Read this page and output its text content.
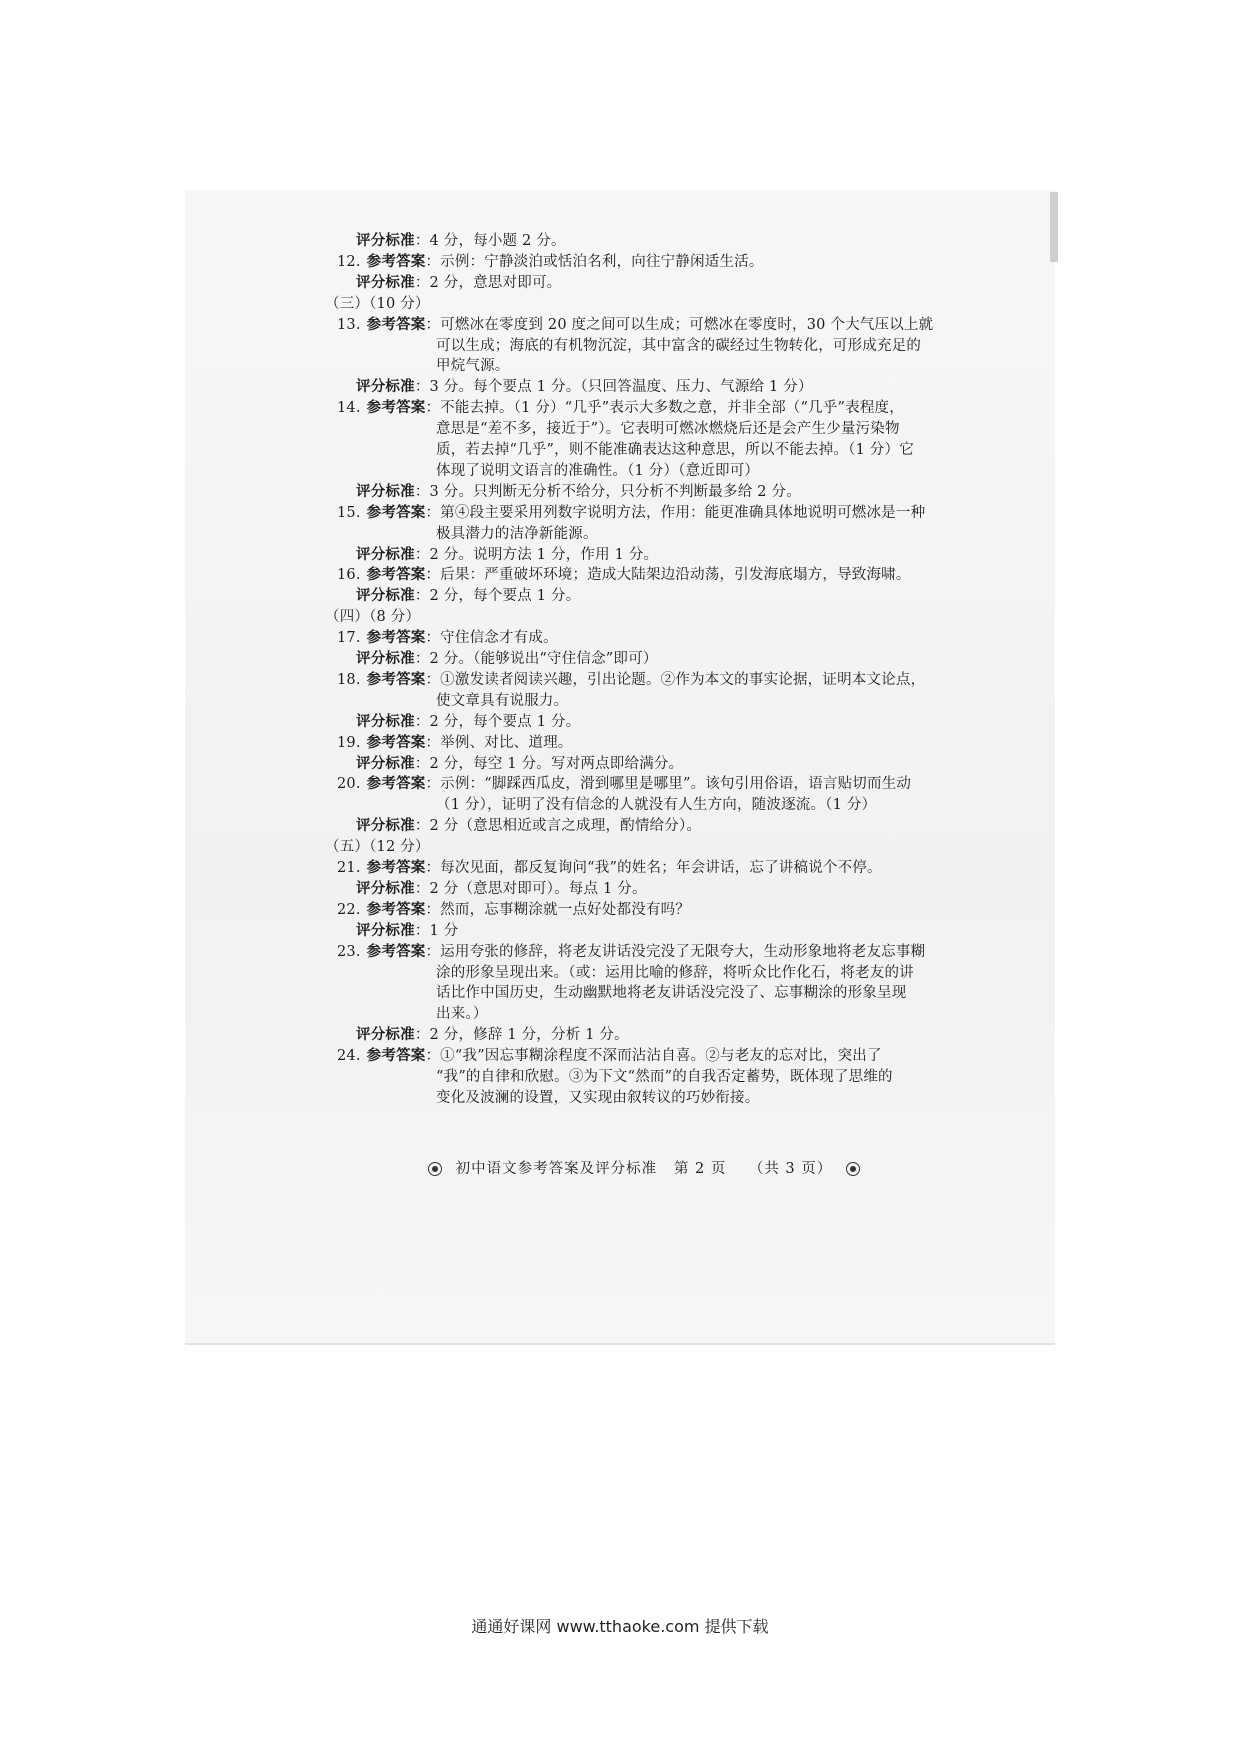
评分标准：4 分，每小题 2 分。
12. 参考答案：示例：宁静淡泊或恬泊名利，向往宁静闲适生活。
评分标准：2 分，意思对即可。
（三）（10 分）
13. 参考答案：可燃冰在零度到 20 度之间可以生成；可燃冰在零度时，30 个大气压以上就
可以生成；海底的有机物沉淀，其中富含的碳经过生物转化，可形成充足的
甲烷气源。
评分标准：3 分。每个要点 1 分。（只回答温度、压力、气源给 1 分）
14. 参考答案：不能去掉。（1 分）“几乎”表示大多数之意，并非全部（“几乎”表程度，
意思是“差不多，接近于”）。它表明可燃冰燃烧后还是会产生少量污染物
质，若去掉“几乎”，则不能准确表达这种意思，所以不能去掉。（1 分）它
体现了说明文语言的准确性。（1 分）（意近即可）
评分标准：3 分。只判断无分析不给分，只分析不判断最多给 2 分。
15. 参考答案：第④段主要采用列数字说明方法，作用：能更准确具体地说明可燃冰是一种
极具潜力的洁净新能源。
评分标准：2 分。说明方法 1 分，作用 1 分。
16. 参考答案：后果：严重破坏环境；造成大陆架边沿动荡，引发海底塌方，导致海啸。
评分标准：2 分，每个要点 1 分。
（四）（8 分）
17. 参考答案：守住信念才有成。
评分标准：2 分。（能够说出“守住信念”即可）
18. 参考答案：①激发读者阅读兴趣，引出论题。②作为本文的事实论据，证明本文论点，
使文章具有说服力。
评分标准：2 分，每个要点 1 分。
19. 参考答案：举例、对比、道理。
评分标准：2 分，每空 1 分。写对两点即给满分。
20. 参考答案：示例：“脚踩西瓜皮，滑到哪里是哪里”。该句引用俗语，语言贴切而生动
（1 分），证明了没有信念的人就没有人生方向，随波逐流。（1 分）
评分标准：2 分（意思相近或言之成理，酌情给分）。
（五）（12 分）
21. 参考答案：每次见面，都反复询问“我”的姓名；年会讲话，忘了讲稿说个不停。
评分标准：2 分（意思对即可）。每点 1 分。
22. 参考答案：然而，忘事糊涂就一点好处都没有吗？
评分标准：1 分
23. 参考答案：运用夸张的修辞，将老友讲话没完没了无限夸大，生动形象地将老友忘事糊
涂的形象呈现出来。（或：运用比喻的修辞，将听众比作化石，将老友的讲
话比作中国历史，生动幽默地将老友讲话没完没了、忘事糊涂的形象呈现
出来。）
评分标准：2 分，修辞 1 分，分析 1 分。
24. 参考答案：①“我”因忘事糊涂程度不深而沾沾自喜。②与老友的忘对比，突出了
“我”的自律和欣慰。③为下文“然而”的自我否定蓄势，既体现了思维的
变化及波澜的设置，又实现由叙转议的巧妙衔接。
初中语文参考答案及评分标准 第 2 页 （共 3 页）
通通好课网 www.tthaoke.com 提供下载
